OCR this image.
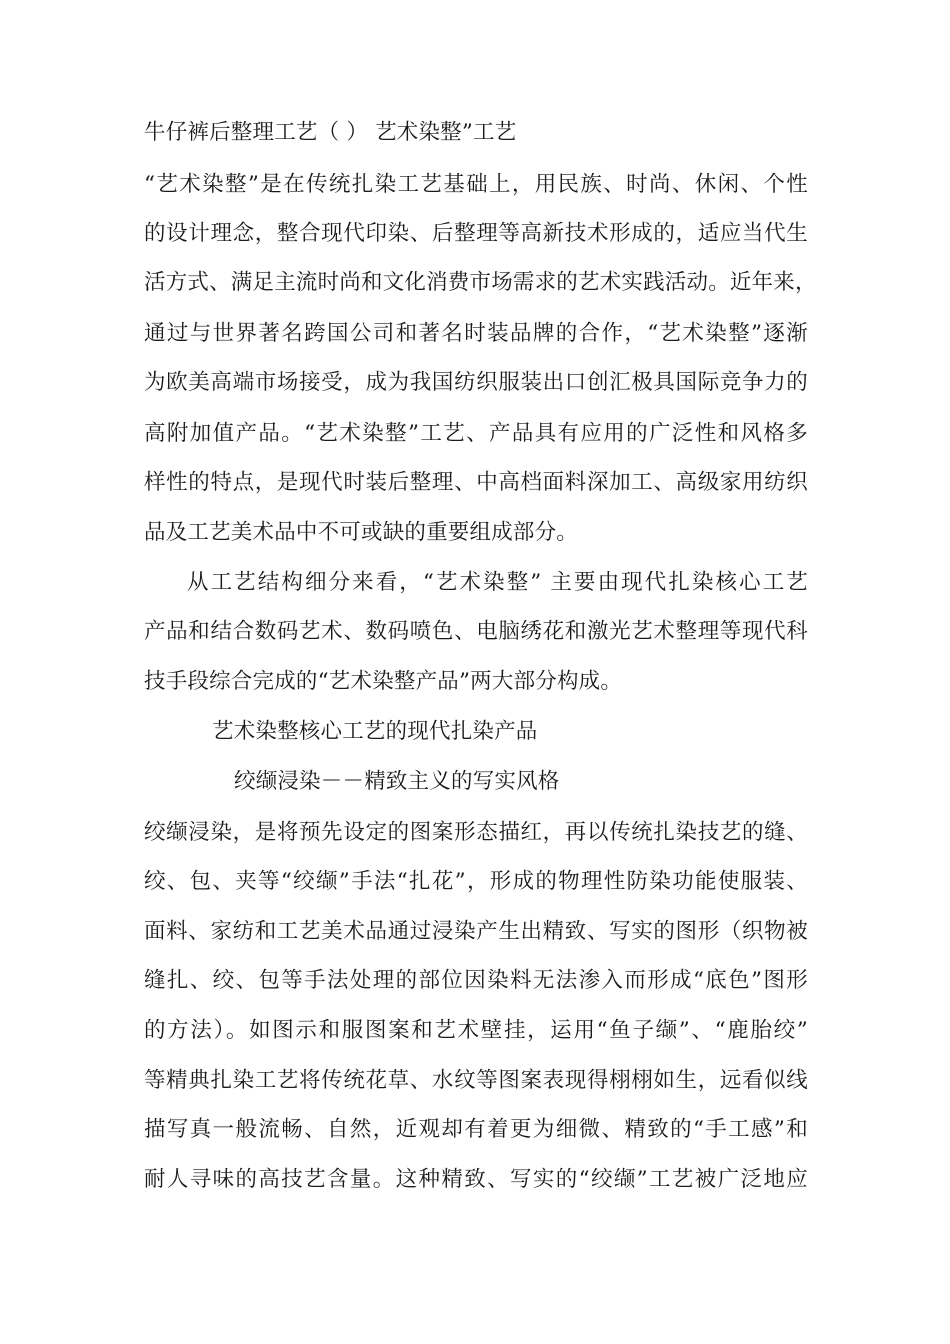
牛仔裤后整理工艺（ ） 艺术染整”工艺
“艺术染整”是在传统扎染工艺基础上，用民族、时尚、休闲、个性
的设计理念，整合现代印染、后整理等高新技术形成的，适应当代生
活方式、满足主流时尚和文化消费市场需求的艺术实践活动。近年来，
通过与世界著名跨国公司和著名时装品牌的合作，“艺术染整”逐渐
为欧美高端市场接受，成为我国纺织服装出口创汇极具国际竞争力的
高附加值产品。“艺术染整”工艺、产品具有应用的广泛性和风格多
样性的特点，是现代时装后整理、中高档面料深加工、高级家用纺织
品及工艺美术品中不可或缺的重要组成部分。
从工艺结构细分来看，“艺术染整” 主要由现代扎染核心工艺
产品和结合数码艺术、数码喷色、电脑绣花和激光艺术整理等现代科
技手段综合完成的“艺术染整产品”两大部分构成。
艺术染整核心工艺的现代扎染产品
绞缬浸染－－精致主义的写实风格
绞缬浸染，是将预先设定的图案形态描红，再以传统扎染技艺的缝、
绞、包、夹等“绞缬”手法“扎花”，形成的物理性防染功能使服装、
面料、家纺和工艺美术品通过浸染产生出精致、写实的图形（织物被
缝扎、绞、包等手法处理的部位因染料无法渗入而形成“底色”图形
的方法）。如图示和服图案和艺术壁挂，运用“鱼子缬”、“鹿胎绞”
等精典扎染工艺将传统花草、水纹等图案表现得栩栩如生，远看似线
描写真一般流畅、自然，近观却有着更为细微、精致的“手工感”和
耐人寻味的高技艺含量。这种精致、写实的“绞缬”工艺被广泛地应
